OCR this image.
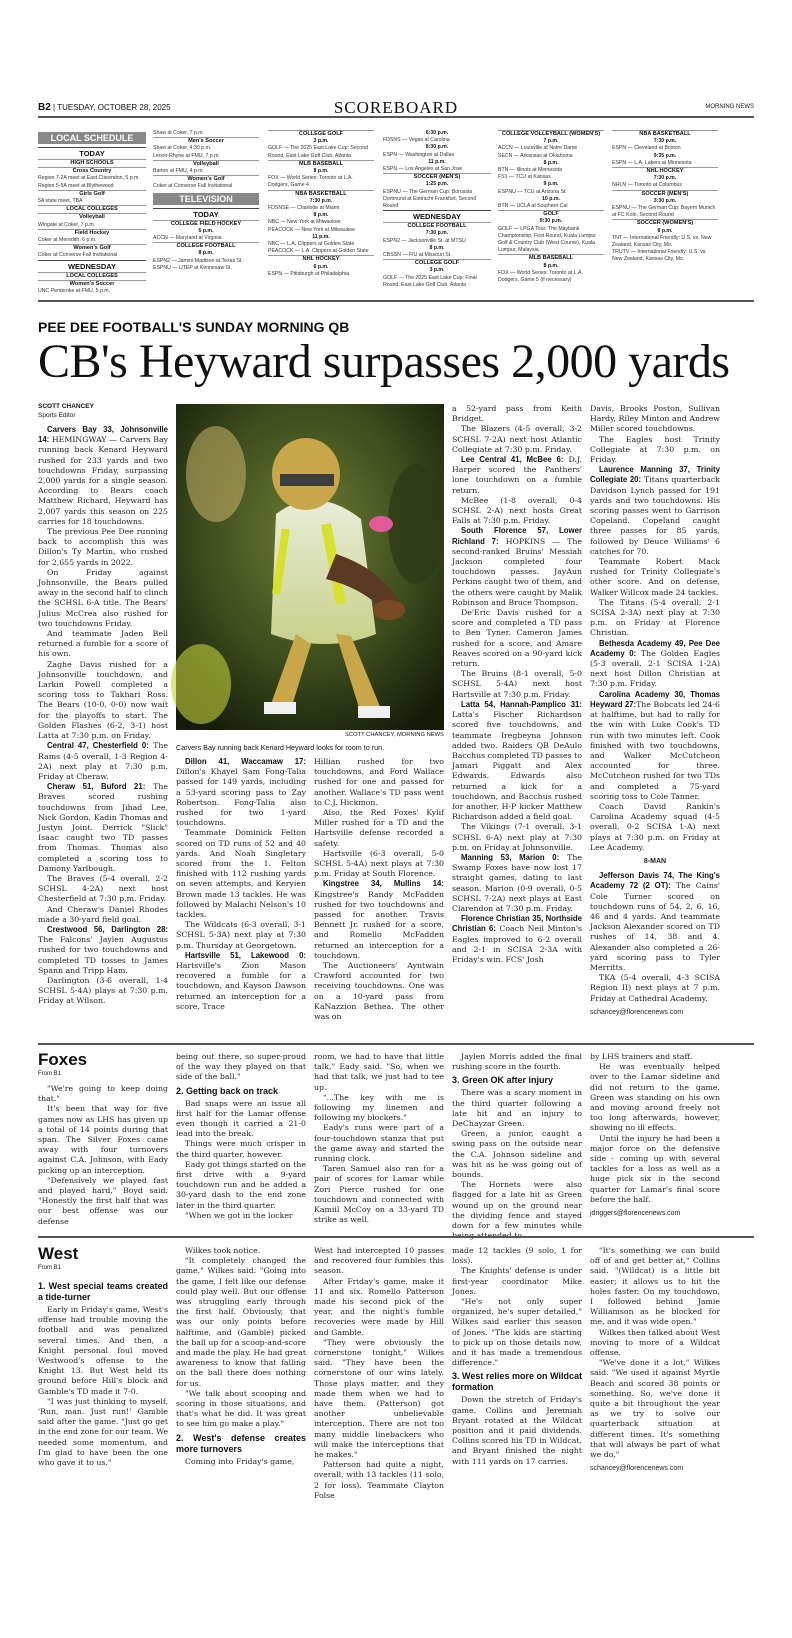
B2 | TUESDAY, OCTOBER 28, 2025	SCOREBOARD	MORNING NEWS
LOCAL SCHEDULE
TODAY
HIGH SCHOOLS
Cross Country
Region 7-2A meet at East Clarendon, 5 p.m.
Region 5-5A meet at Blythewood
Girls Golf
5A state meet, TBA
LOCAL COLLEGES
Volleyball
Wingate at Coker, 7 p.m.
Field Hockey
Coker at Meredith, 6 p.m.
Women's Golf
Coker at Converse Fall Invitational
WEDNESDAY
LOCAL COLLEGES
Women's Soccer
UNC Pembroke at FMU, 5 p.m.
Shaw at Coker, 7 p.m.
Men's Soccer
Shaw at Coker, 4:30 p.m.
Lenoir-Rhyne at FMU, 7 p.m.
Volleyball
Barton at FMU, 4 p.m.
Women's Golf
Coker at Converse Fall Invitational
TELEVISION
TODAY
COLLEGE FIELD HOCKEY
6 p.m.
ACCN — Maryland at Virginia
COLLEGE FOOTBALL
8 p.m.
ESPN2 — James Madison at Texas St.
ESPNU — UTEP at Kennesaw St.
COLLEGE GOLF
3 p.m.
GOLF — The 2025 East Lake Cup: Second Round, East Lake Golf Club, Atlanta
MLB BASEBALL
8 p.m.
FOX — World Series: Toronto at L.A. Dodgers, Game 4
NBA BASKETBALL
7:30 p.m.
FDSNSE — Charlotte at Miami
8 p.m.
NBC — New York at Milwaukee
PEACOCK — New York at Milwaukee
11 p.m.
NBC — L.A. Clippers at Golden State
PEACOCK — L.A. Clippers at Golden State
NHL HOCKEY
6 p.m.
ESPN — Pittsburgh at Philadelphia
6:30 p.m.
FDSNS — Vegas at Carolina
8:30 p.m.
ESPN — Washington at Dallas
11 p.m.
ESPN — Los Angeles at San Jose
SOCCER (MEN'S)
1:25 p.m.
ESPNU — The German Cup: Borussia Dortmund at Eintracht Frankfurt, Second Round
WEDNESDAY
COLLEGE FOOTBALL
7:30 p.m.
ESPN2 — Jacksonville St. at MTSU
8 p.m.
CBSSN — FIU at Missouri St.
COLLEGE GOLF
3 p.m.
GOLF — The 2025 East Lake Cup: Final Round, East Lake Golf Club, Atlanta
COLLEGE VOLLEYBALL (WOMEN'S)
7 p.m.
ACCN — Louisville at Notre Dame
SECN — Arkansas at Oklahoma
8 p.m.
BTN — Illinois at Minnesota
FS1 — TCU at Kansas
9 p.m.
ESPNU — TCU at Arizona St.
10 p.m.
BTN — UCLA at Southern Cal
GOLF
9:30 p.m.
GOLF — LPGA Tour: The Maybank Championship, First Round, Kuala Lumpur Golf & Country Club (West Course), Kuala Lumpur, Malaysia
MLB BASEBALL
8 p.m.
FOX — World Series: Toronto at L.A. Dodgers, Game 5 (if necessary)
NBA BASKETBALL
7:30 p.m.
ESPN — Cleveland at Boston
9:35 p.m.
ESPN — L.A. Lakers at Minnesota
NHL HOCKEY
7:30 p.m.
NHLN — Toronto at Columbus
SOCCER (MEN'S)
3:30 p.m.
ESPNU — The German Cup: Bayern Munich at FC Koln, Second Round
SOCCER (WOMEN'S)
8 p.m.
TNT — International Friendly: U.S. vs. New Zealand, Kansas City, Mo.
TRUTV — International Friendly: U.S. vs. New Zealand, Kansas City, Mo.
PEE DEE FOOTBALL'S SUNDAY MORNING QB
CB's Heyward surpasses 2,000 yards
SCOTT CHANCEY
Sports Editor

Carvers Bay 33, Johnsonville 14: HEMINGWAY — Carvers Bay running back Kenard Heyward rushed for 233 yards and two touchdowns Friday, surpassing 2,000 yards for a single season. According to Bears coach Matthew Richard, Heyward has 2,007 yards this season on 225 carries for 18 touchdowns.

The previous Pee Dee running back to accomplish this was Dillon's Ty Martin, who rushed for 2,655 yards in 2022.

On Friday against Johnsonville, the Bears pulled away in the second half to clinch the SCHSL 6-A title. The Bears' Julius McCrea also rushed for two touchdowns Friday.

And teammate Jaden Bell returned a fumble for a score of his own.

Zaghe Davis rushed for a Johnsonville touchdown, and Larkin Powell completed a scoring toss to Takhari Ross. The Bears (10-0, 0-0) now wait for the playoffs to start. The Golden Flashes (6-2, 3-1) host Latta at 7:30 p.m. on Friday.

Central 47, Chesterfield 0: The Rams (4-5 overall, 1-3 Region 4-2A) next play at 7:30 p.m. Friday at Cheraw.

Cheraw 51, Buford 21: The Braves scored rushing touchdowns from Jihad Lee, Nick Gordon, Kadin Thomas and Justyn Joint. Derrick "Slick" Isaac caught two TD passes from Thomas. Thomas also completed a scoring toss to Damony Yarlbough.

The Braves (5-4 overall, 2-2 SCHSL 4-2A) next host Chesterfield at 7:30 p.m. Friday.

And Cheraw's Daniel Rhodes made a 30-yard field goal.

Crestwood 56, Darlington 28: The Falcons' Jaylen Augustus rushed for two touchdowns and completed TD tosses to James Spann and Tripp Ham.

Darlington (3-6 overall, 1-4 SCHSL 5-4A) plays at 7:30 p.m. Friday at Wilson.

SCOTT CHANCEY, MORNING NEWS
Carvers Bay running back Kenard Heyward looks for room to run.

Dillon 41, Waccamaw 17: Dillon's Khayel Sam Fong-Talia passed for 149 yards, including a 53-yard scoring pass to Zay Robertson. Fong-Talia also rushed for two 1-yard touchdowns.

Teammate Dominick Felton scored on TD runs of 52 and 40 yards. And Noah Singletary scored from the 1. Felton finished with 112 rushing yards on seven attempts, and Keryien Brown made 13 tackles. He was followed by Malachi Nelson's 10 tackles.

The Wildcats (6-3 overall, 3-1 SCHSL 5-3A) next play at 7:30 p.m. Thursday at Georgetown.

Hartsville 51, Lakewood 0: Hartsville's Zion Mason recovered a fumble for a touchdown, and Kayson Dawson returned an interception for a score. Trace

Hillian rushed for two touchdowns, and Ford Wallace rushed for one and passed for another. Wallace's TD pass went to C.J. Hickmon.

Also, the Red Foxes' Kylif Miller rushed for a TD and the Hartsville defense recorded a safety.

Hartsville (6-3 overall, 5-0 SCHSL 5-4A) next plays at 7:30 p.m. Friday at South Florence.

Kingstree 34, Mullins 14: Kingstree's Randy McFadden rushed for two touchdowns and passed for another. Travis Bennett Jr. rushed for a score, and Romello McFadden returned an interception for a touchdown.

The Auctioneers' Ayntwain Crawford accounted for two receiving touchdowns. One was on a 10-yard pass from KaNazzion Bethea. The other was on

a 52-yard pass from Keith Bridget.

The Blazers (4-5 overall, 3-2 SCHSL 7-2A) next host Atlantic Collegiate at 7:30 p.m. Friday.

Lee Central 41, McBee 6: D.J. Harper scored the Panthers' lone touchdown on a fumble return.

McBee (1-8 overall, 0-4 SCHSL 2-A) next hosts Great Falls at 7:30 p.m. Friday.

South Florence 57, Lower Richland 7: HOPKINS — The second-ranked Bruins' Messiah Jackson completed four touchdown passes. JayAun Perkins caught two of them, and the others were caught by Malik Robinson and Bruce Thompson.

De'Eric Davis rushed for a score and completed a TD pass to Ben Tyner. Cameron James rushed for a score, and Amare Reaves scored on a 90-yard kick return.

The Bruins (8-1 overall, 5-0 SCHSL 5-4A) next host Hartsville at 7:30 p.m. Friday.

Latta 54, Hannah-Pamplico 31: Latta's Fischer Richardson scored five touchdowns, and teammate Iregbeyna Johnson added two. Raiders QB DeAulo Bacchus completed TD passes to Jamari Piggatt and Alex Edwards. Edwards also returned a kick for a touchdown, and Bacchus rushed for another. H-P kicker Matthew Richardson added a field goal.

The Vikings (7-1 overall, 3-1 SCHSL 6-A) next play at 7:30 p.m. on Friday at Johnsonville.

Manning 53, Marion 0: The Swamp Foxes have now lost 17 straight games, dating to last season. Marion (0-9 overall, 0-5 SCHSL 7-2A) next plays at East Clarendon at 7:30 p.m. Friday.

Florence Christian 35, Northside Christian 6: Coach Neil Minton's Eagles improved to 6-2 overall and 2-1 in SCISA 2-3A with Friday's win. FCS' Josh

Davis, Brooks Poston, Sullivan Hardy, Riley Minton and Andrew Miller scored touchdowns.

The Eagles host Trinity Collegiate at 7:30 p.m. on Friday.

Laurence Manning 37, Trinity Collegiate 20: Titans quarterback Davidson Lynch passed for 191 yards and two touchdowns. His scoring passes went to Garrison Copeland. Copeland caught three passes for 85 yards, followed by Deuce Williams' 6 catches for 70.

Teammate Robert Mack rushed for Trinity Collegiate's other score. And on defense, Walker Willcox made 24 tackles.

The Titans (5-4 overall, 2-1 SCISA 2-3A) next play at 7:30 p.m. on Friday at Florence Christian.

Bethesda Academy 49, Pee Dee Academy 0: The Golden Eagles (5-3 overall, 2-1 SCISA 1-2A) next host Dillon Christian at 7:30 p.m. Friday.

Carolina Academy 30, Thomas Heyward 27:The Bobcats led 24-6 at halftime, but had to rally for the win with Luke Cook's TD run with two minutes left. Cook finished with two touchdowns, and Walker McCutcheon accounted for three. McCutcheon rushed for two TDs and completed a 75-yard scoring toss to Cole Tanner.

Coach David Rankin's Carolina Academy squad (4-5 overall, 0-2 SCISA 1-A) next plays at 7:30 p.m. on Friday at Lee Academy.

8-MAN

Jefferson Davis 74, The King's Academy 72 (2 OT): The Cains' Cole Turner scored on touchdown runs of 54, 2, 6, 16, 46 and 4 yards. And teammate Jackson Alexander scored on TD rushes of 14, 38 and 4. Alexander also completed a 26-yard scoring pass to Tyler Merritts.

TKA (5-4 overall, 4-3 SCISA Region II) next plays at 7 p.m. Friday at Cathedral Academy.

schancey@florencenews.com

Foxes
From B1

"We're going to keep doing that."

It's been that way for five games now as LHS has given up a total of 14 points during that span. The Silver Foxes came away with four turnovers against C.A. Johnson, with Eady picking up an interception.

"Defensively we played fast and played hard," Boyd said. "Honestly the first half that was our best offense was our defense

being out there, so super-proud of the way they played on that side of the ball."

2. Getting back on track

Bad snaps were an issue all first half for the Lamar offense even though it carried a 21-0 lead into the break.

Things were much crisper in the third quarter, however.

Eady got things started on the first drive with a 9-yard touchdown run and he added a 30-yard dash to the end zone later in the third quarter.

"When we got in the locker

room, we had to have that little talk," Eady said. "So, when we had that talk, we just had to tee up.

"...The key with me is following my linemen and following my blockers."

Eady's runs were part of a four-touchdown stanza that put the game away and started the running clock.

Taren Samuel also ran for a pair of scores for Lamar while Zori Pierce rushed for one touchdown and connected with Kamiil McCoy on a 33-yard TD strike as well.

Jaylen Morris added the final rushing score in the fourth.

3. Green OK after injury

There was a scary moment in the third quarter following a late hit and an injury to DeChayzar Green.

Green, a junior, caught a swing pass on the outside near the C.A. Johnson sideline and was hit as he was going out of bounds.

The Hornets were also flagged for a late hit as Green wound up on the ground near the dividing fence and stayed down for a few minutes while being attended to

by LHS trainers and staff.

He was eventually helped over to the Lamar sideline and did not return to the game. Green was standing on his own and moving around freely not too long afterwards, however, showing no ill effects.

Until the injury he had been a major force on the defensive side - coming up with several tackles for a loss as well as a huge pick six in the second quarter for Lamar's final score before the half.

jdriggers@florencenews.com

West
From B1
1. West special teams created a tide-turner

Early in Friday's game, West's offense had trouble moving the football and was penalized several times. And then, a Knight personal foul moved Westwood's offense to the Knight 13. But West held its ground before Hill's block and Gamble's TD made it 7-0.

"I was just thinking to myself, 'Run, man. Just run!' Gamble said after the game. "Just go get in the end zone for our team. We needed some momentum, and I'm glad to have been the one who gave it to us."

Wilkes took notice.

"It completely changed the game," Wilkes said. "Going into the game, I felt like our defense could play well. But our offense was struggling early through the first half. Obviously, that was our only points before halftime, and (Gamble) picked the ball up for a scoop-and-score and made the play. He had great awareness to know that falling on the ball there does nothing for us.

"We talk about scooping and scoring in those situations, and that's what he did. It was great to see him go make a play."

2. West's defense creates more turnovers

Coming into Friday's game,

West had intercepted 10 passes and recovered four fumbles this season.

After Friday's game, make it 11 and six. Romello Patterson made his second pick of the year, and the night's fumble recoveries were made by Hill and Gamble.

"They were obviously the cornerstone tonight," Wilkes said. "They have been the cornerstone of our wins lately. Those plays matter, and they made them when we had to have them. (Patterson) got another unbelievable interception. There are not too many middle linebackers who will make the interceptions that he makes."

Patterson had quite a night, overall, with 13 tackles (11 solo, 2 for loss). Teammate Clayton Folse

made 12 tackles (9 solo, 1 for loss).

The Knights' defense is under first-year coordinator Mike Jones.

"He's not only super organized, he's super detailed," Wilkes said earlier this season of Jones. "The kids are starting to pick up on those details now, and it has made a tremendous difference."

3. West relies more on Wildcat formation

Down the stretch of Friday's game, Collins and Jeremiah Bryant rotated at the Wildcat position and it paid dividends. Collins scored his TD in Wildcat, and Bryant finished the night with 111 yards on 17 carries.

"It's something we can build off of and get better at," Collins said. "(Wildcat) is a little bit easier; it allows us to hit the holes faster. On my touchdown, I followed behind Jamie Williamson as he blocked for me, and it was wide open."

Wilkes then talked about West moving to more of a Wildcat offense.

"We've done it a lot," Wilkes said. "We used it against Myrtle Beach and scored 38 points or something. So, we've done it quite a bit throughout the year as we try to solve our quarterback situation at different times. It's something that will always be part of what we do."

schancey@florencenews.com
